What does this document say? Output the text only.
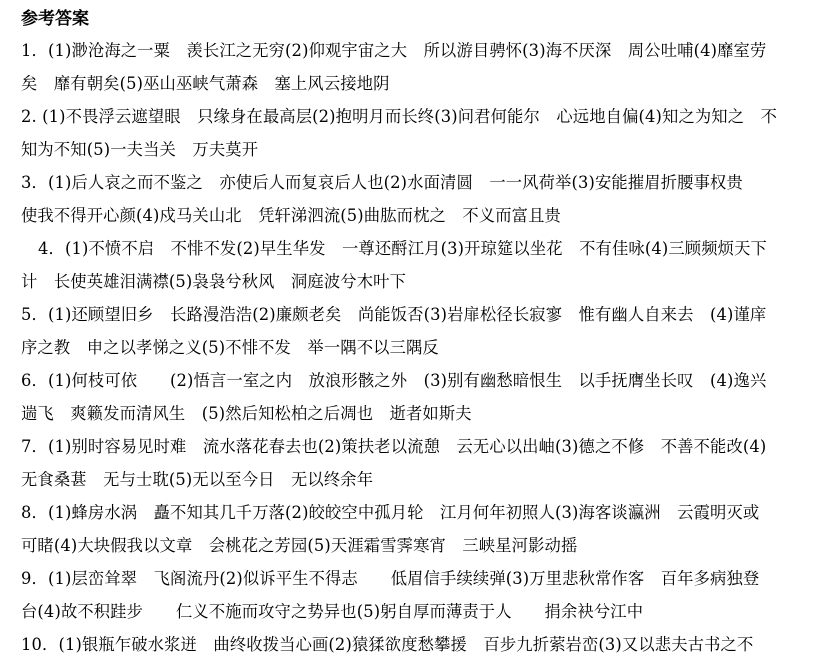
参考答案
1．(1)渺沧海之一粟　羡长江之无穷(2)仰观宇宙之大　所以游目骋怀(3)海不厌深　周公吐哺(4)靡室劳
矣　靡有朝矣(5)巫山巫峡气萧森　塞上风云接地阴
2. (1)不畏浮云遮望眼　只缘身在最高层(2)抱明月而长终(3)问君何能尔　心远地自偏(4)知之为知之　不
知为不知(5)一夫当关　万夫莫开
3．(1)后人哀之而不鉴之　亦使后人而复哀后人也(2)水面清圆　一一风荷举(3)安能摧眉折腰事权贵
使我不得开心颜(4)戍马关山北　凭轩涕泗流(5)曲肱而枕之　不义而富且贵
4．(1)不愤不启　不悱不发(2)早生华发　一尊还酹江月(3)开琼筵以坐花　不有佳咏(4)三顾频烦天下
计　长使英雄泪满襟(5)袅袅兮秋风　洞庭波兮木叶下
5．(1)还顾望旧乡　长路漫浩浩(2)廉颇老矣　尚能饭否(3)岩扉松径长寂寥　惟有幽人自来去　(4)谨庠
序之教　申之以孝悌之义(5)不悱不发　举一隅不以三隅反
6．(1)何枝可依　　(2)悟言一室之内　放浪形骸之外　(3)别有幽愁暗恨生　以手抚膺坐长叹　(4)逸兴
遄飞　爽籁发而清风生　(5)然后知松柏之后凋也　逝者如斯夫
7．(1)别时容易见时难　流水落花春去也(2)策扶老以流憩　云无心以出岫(3)德之不修　不善不能改(4)
无食桑葚　无与士耽(5)无以至今日　无以终余年
8．(1)蜂房水涡　矗不知其几千万落(2)皎皎空中孤月轮　江月何年初照人(3)海客谈瀛洲　云霞明灭或
可睹(4)大块假我以文章　会桃花之芳园(5)天涯霜雪霁寒宵　三峡星河影动摇
9．(1)层峦耸翠　飞阁流丹(2)似诉平生不得志　　低眉信手续续弹(3)万里悲秋常作客　百年多病独登
台(4)故不积跬步　　仁义不施而攻守之势异也(5)躬自厚而薄责于人　　捐余袂兮江中
10．(1)银瓶乍破水浆迸　曲终收拨当心画(2)猿猱欲度愁攀援　百步九折萦岩峦(3)又以悲夫古书之不
